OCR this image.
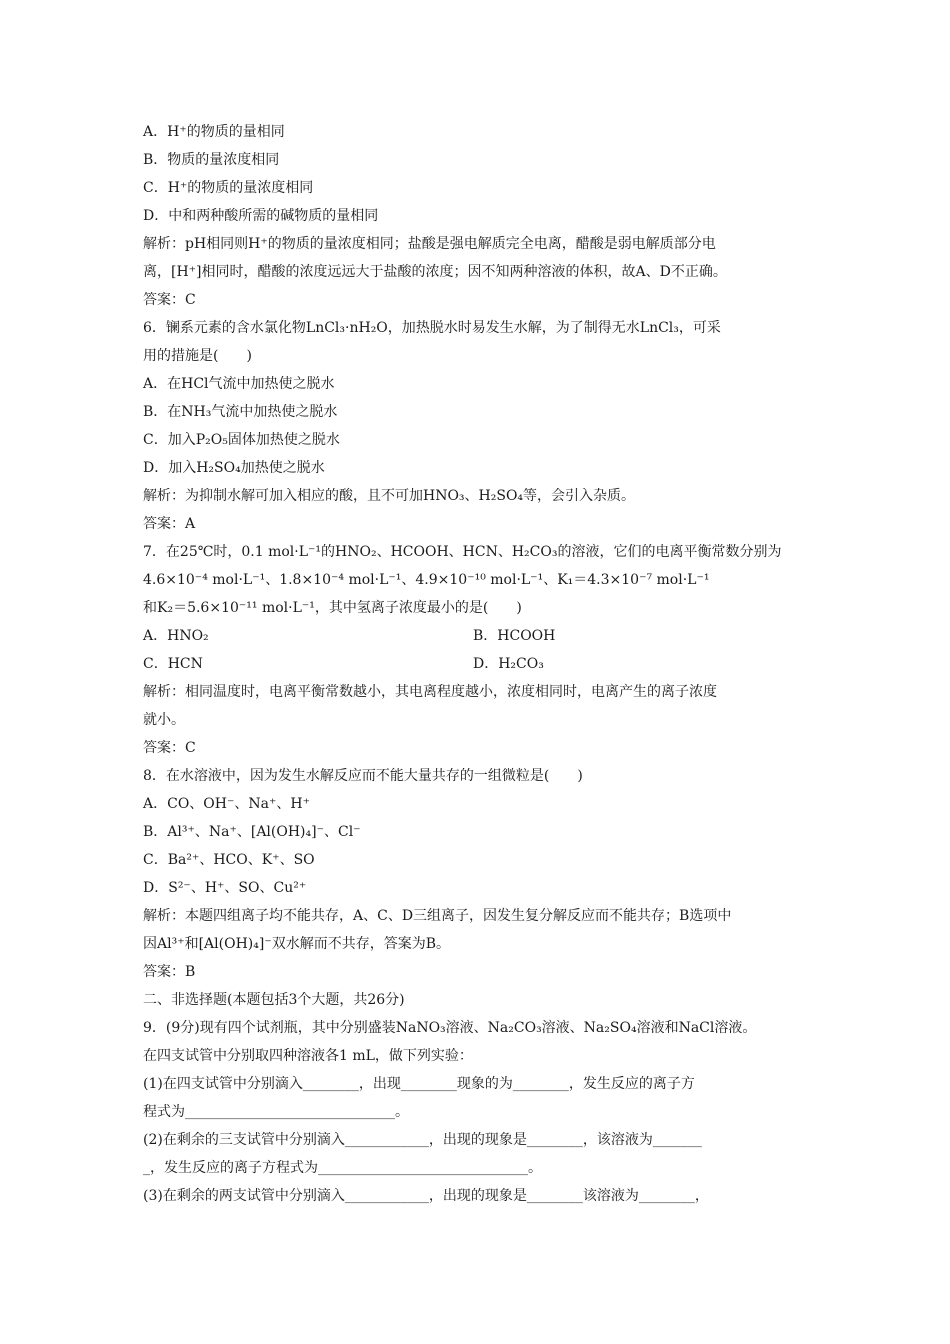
A．H⁺的物质的量相同
B．物质的量浓度相同
C．H⁺的物质的量浓度相同
D．中和两种酸所需的碱物质的量相同
解析：pH相同则H⁺的物质的量浓度相同；盐酸是强电解质完全电离，醋酸是弱电解质部分电
离，[H⁺]相同时，醋酸的浓度远远大于盐酸的浓度；因不知两种溶液的体积，故A、D不正确。
答案：C
6．镧系元素的含水氯化物LnCl₃·nH₂O，加热脱水时易发生水解，为了制得无水LnCl₃，可采
用的措施是(　　)
A．在HCl气流中加热使之脱水
B．在NH₃气流中加热使之脱水
C．加入P₂O₅固体加热使之脱水
D．加入H₂SO₄加热使之脱水
解析：为抑制水解可加入相应的酸，且不可加HNO₃、H₂SO₄等，会引入杂质。
答案：A
7．在25℃时，0.1 mol·L⁻¹的HNO₂、HCOOH、HCN、H₂CO₃的溶液，它们的电离平衡常数分别为
4.6×10⁻⁴ mol·L⁻¹、1.8×10⁻⁴ mol·L⁻¹、4.9×10⁻¹⁰ mol·L⁻¹、K₁＝4.3×10⁻⁷ mol·L⁻¹
和K₂＝5.6×10⁻¹¹ mol·L⁻¹，其中氢离子浓度最小的是(　　)
A．HNO₂	B．HCOOH
C．HCN	D．H₂CO₃
解析：相同温度时，电离平衡常数越小，其电离程度越小，浓度相同时，电离产生的离子浓度
就小。
答案：C
8．在水溶液中，因为发生水解反应而不能大量共存的一组微粒是(　　)
A．CO、OH⁻、Na⁺、H⁺
B．Al³⁺、Na⁺、[Al(OH)₄]⁻、Cl⁻
C．Ba²⁺、HCO、K⁺、SO
D．S²⁻、H⁺、SO、Cu²⁺
解析：本题四组离子均不能共存，A、C、D三组离子，因发生复分解反应而不能共存；B选项中
因Al³⁺和[Al(OH)₄]⁻双水解而不共存，答案为B。
答案：B
二、非选择题(本题包括3个大题，共26分)
9．(9分)现有四个试剂瓶，其中分别盛装NaNO₃溶液、Na₂CO₃溶液、Na₂SO₄溶液和NaCl溶液。
在四支试管中分别取四种溶液各1 mL，做下列实验：
(1)在四支试管中分别滴入________，出现________现象的为________，发生反应的离子方
程式为______________________________。
(2)在剩余的三支试管中分别滴入____________，出现的现象是________，该溶液为_______
_，发生反应的离子方程式为______________________________。
(3)在剩余的两支试管中分别滴入____________，出现的现象是________该溶液为________，
